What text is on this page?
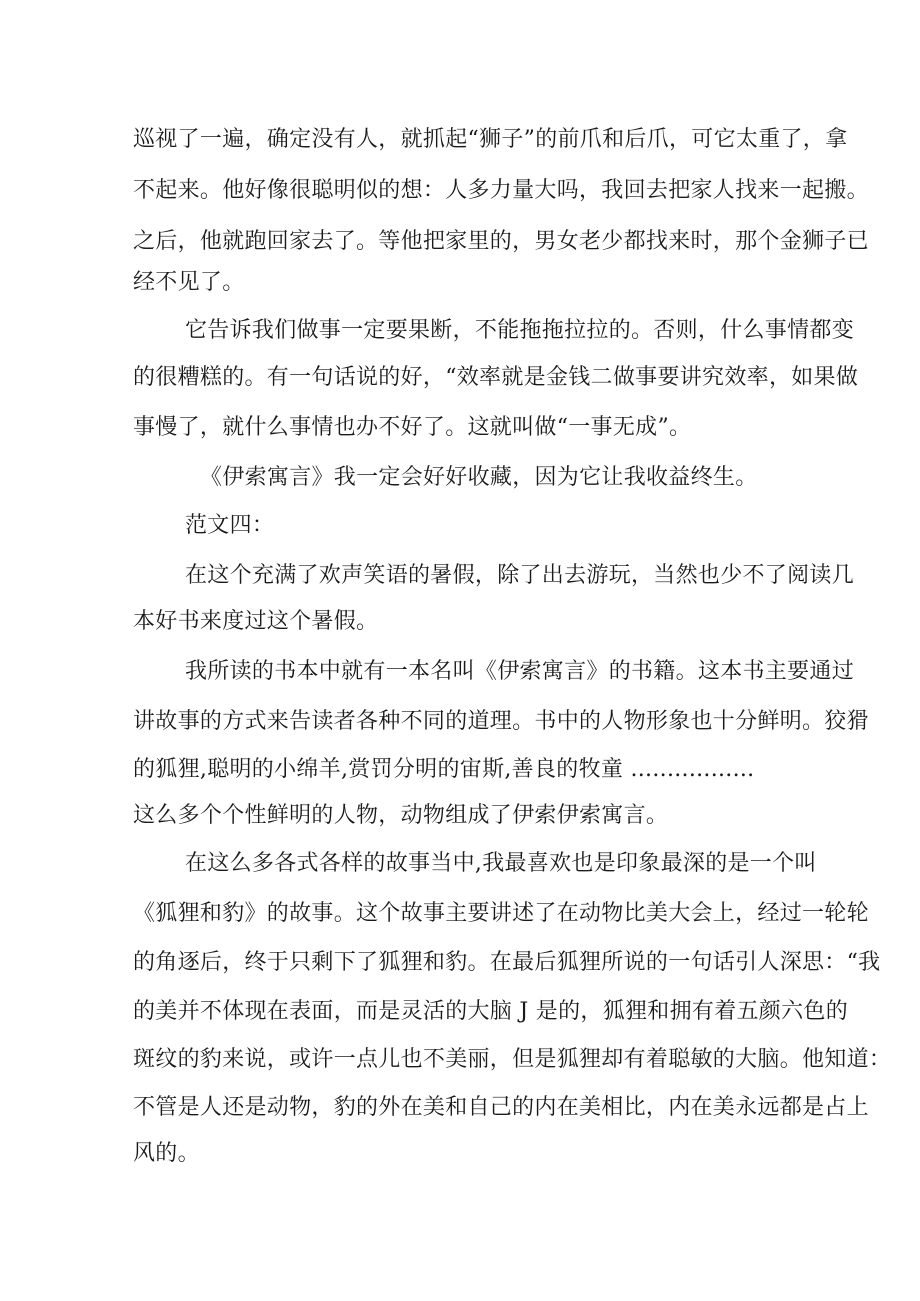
巡视了一遍，确定没有人，就抓起“狮子”的前爪和后爪，可它太重了，拿
不起来。他好像很聪明似的想：人多力量大吗，我回去把家人找来一起搬。
之后，他就跑回家去了。等他把家里的，男女老少都找来时，那个金狮子已
经不见了。
它告诉我们做事一定要果断，不能拖拖拉拉的。否则，什么事情都变
的很糟糕的。有一句话说的好，“效率就是金钱二做事要讲究效率，如果做
事慢了，就什么事情也办不好了。这就叫做“一事无成”。
《伊索寓言》我一定会好好收藏，因为它让我收益终生。
范文四：
在这个充满了欢声笑语的暑假，除了出去游玩，当然也少不了阅读几
本好书来度过这个暑假。
我所读的书本中就有一本名叫《伊索寓言》的书籍。这本书主要通过
讲故事的方式来告读者各种不同的道理。书中的人物形象也十分鲜明。狡猾
的狐狸,聪明的小绵羊,赏罚分明的宙斯,善良的牧童 .................
这么多个个性鲜明的人物，动物组成了伊索伊索寓言。
在这么多各式各样的故事当中,我最喜欢也是印象最深的是一个叫
《狐狸和豹》的故事。这个故事主要讲述了在动物比美大会上，经过一轮轮
的角逐后，终于只剩下了狐狸和豹。在最后狐狸所说的一句话引人深思：“我
的美并不体现在表面，而是灵活的大脑 J 是的，狐狸和拥有着五颜六色的
斑纹的豹来说，或许一点儿也不美丽，但是狐狸却有着聪敏的大脑。他知道：
不管是人还是动物，豹的外在美和自己的内在美相比，内在美永远都是占上
风的。
